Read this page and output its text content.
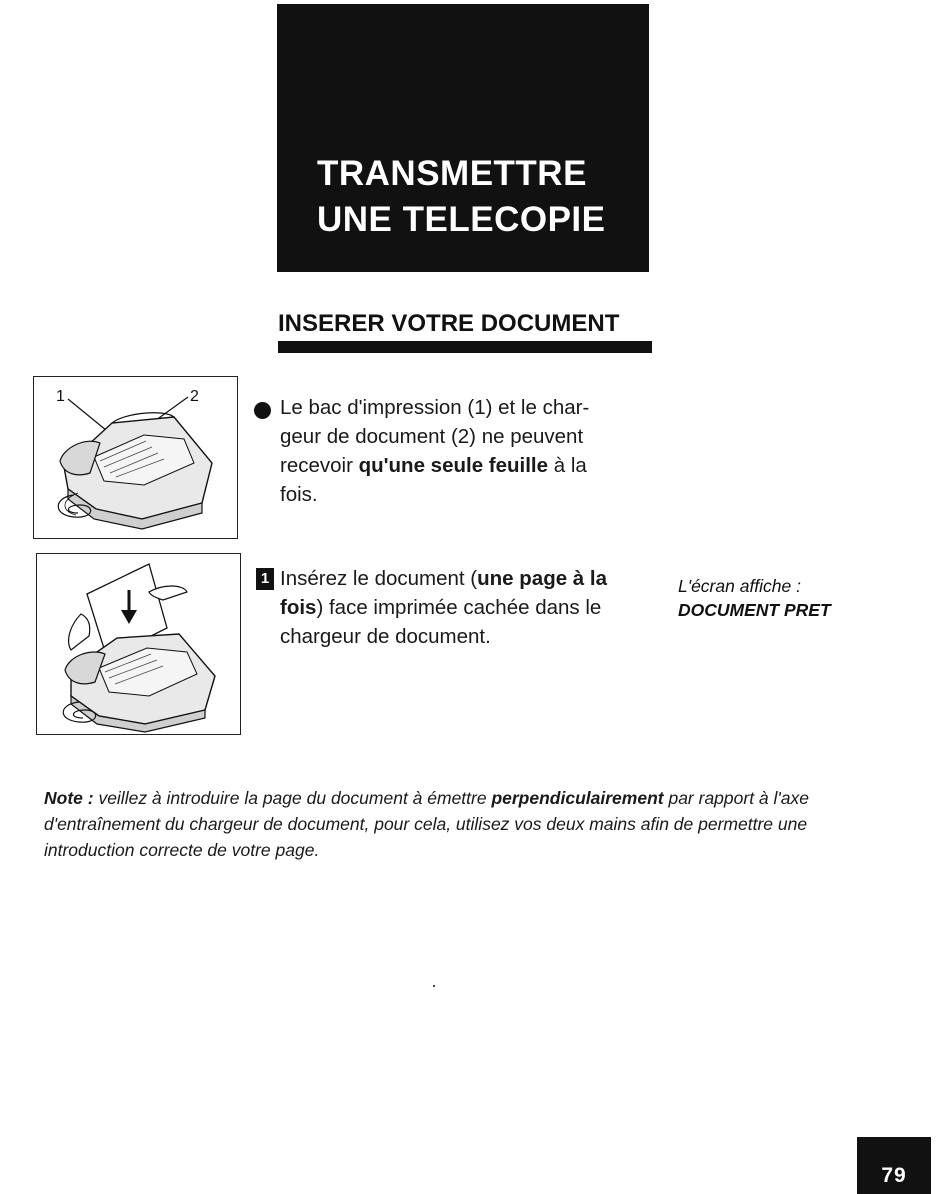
TRANSMETTRE
UNE TELECOPIE
INSERER VOTRE DOCUMENT
1	2	Le bac d'impression (1) et le char-
geur de document (2) ne peuvent
recevoir qu'une seule feuille à la
fois.
1 Insérez le document (une page à la
fois) face imprimée cachée dans le
chargeur de document.
L'écran affiche :
DOCUMENT PRET
Note : veillez à introduire la page du document à émettre perpendiculairement par rapport à l'axe d'entraînement du chargeur de document, pour cela, utilisez vos deux mains afin de permettre une introduction correcte de votre page.
79
